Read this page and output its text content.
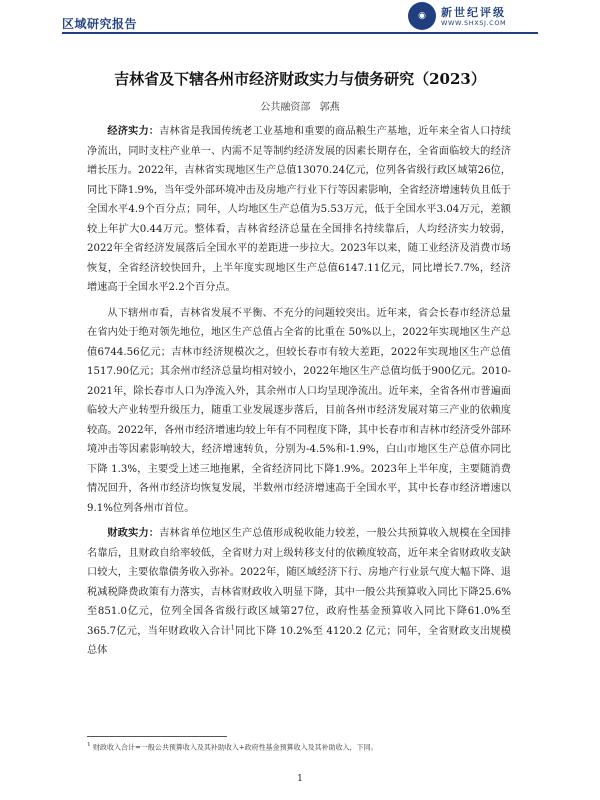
区域研究报告
◉	新世纪评级
WWW.SHXSJ.COM
吉林省及下辖各州市经济财政实力与债务研究（2023）
公共融资部 郭燕

经济实力：吉林省是我国传统老工业基地和重要的商品粮生产基地，近年来全省人口持续净流出，同时支柱产业单一、内需不足等制约经济发展的因素长期存在，全省面临较大的经济增长压力。2022年，吉林省实现地区生产总值13070.24亿元，位列各省级行政区域第26位，同比下降1.9%，当年受外部环境冲击及房地产行业下行等因素影响，全省经济增速转负且低于全国水平4.9个百分点；同年，人均地区生产总值为5.53万元，低于全国水平3.04万元，差额较上年扩大0.44万元。整体看，吉林省经济总量在全国排名持续靠后，人均经济实力较弱，2022年全省经济发展落后全国水平的差距进一步拉大。2023年以来，随工业经济及消费市场恢复，全省经济较快回升，上半年度实现地区生产总值6147.11亿元，同比增长7.7%，经济增速高于全国水平2.2个百分点。

从下辖州市看，吉林省发展不平衡、不充分的问题较突出。近年来，省会长春市经济总量在省内处于绝对领先地位，地区生产总值占全省的比重在 50%以上，2022年实现地区生产总值6744.56亿元；吉林市经济规模次之，但较长春市有较大差距，2022年实现地区生产总值1517.90亿元；其余州市经济总量均相对较小，2022年地区生产总值均低于900亿元。2010-2021年，除长春市人口为净流入外，其余州市人口均呈现净流出。近年来，全省各州市普遍面临较大产业转型升级压力，随重工业发展逐步落后，目前各州市经济发展对第三产业的依赖度较高。2022年，各州市经济增速均较上年有不同程度下降，其中长春市和吉林市经济受外部环境冲击等因素影响较大，经济增速转负，分别为-4.5%和-1.9%，白山市地区生产总值亦同比下降 1.3%，主要受上述三地拖累，全省经济同比下降1.9%。2023年上半年度，主要随消费情况回升，各州市经济均恢复发展，半数州市经济增速高于全国水平，其中长春市经济增速以9.1%位列各州市首位。

财政实力：吉林省单位地区生产总值形成税收能力较差，一般公共预算收入规模在全国排名靠后，且财政自给率较低，全省财力对上级转移支付的依赖度较高，近年来全省财政收支缺口较大，主要依靠债务收入弥补。2022年，随区域经济下行、房地产行业景气度大幅下降、退税减税降费政策有力落实，吉林省财政收入明显下降，其中一般公共预算收入同比下降25.6%至851.0亿元，位列全国各省级行政区域第27位，政府性基金预算收入同比下降61.0%至365.7亿元，当年财政收入合计$^1$同比下降 10.2%至 4120.2 亿元；同年，全省财政支出规模总体

$^1$ 财政收入合计=一般公共预算收入及其补助收入+政府性基金预算收入及其补助收入，下同。
1
